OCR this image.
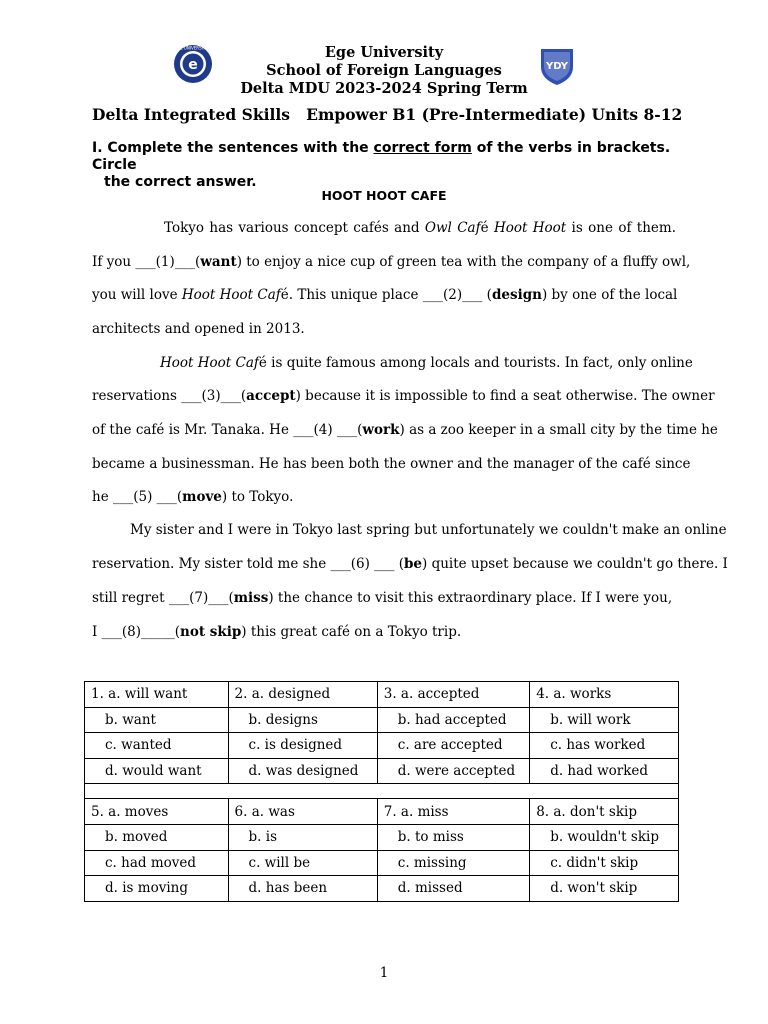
e
EGE ÜNIVERSITESI
YDY
Ege University
School of Foreign Languages
Delta MDU 2023-2024 Spring Term
Delta Integrated Skills   Empower B1 (Pre-Intermediate) Units 8-12
I. Complete the sentences with the correct form of the verbs in brackets. Circle
the correct answer.
HOOT HOOT CAFE
Tokyo has various concept cafés and Owl Café Hoot Hoot is one of them.
If you ___(1)___(want) to enjoy a nice cup of green tea with the company of a fluffy owl,
you will love Hoot Hoot Café. This unique place ___(2)___ (design) by one of the local
architects and opened in 2013.
Hoot Hoot Café is quite famous among locals and tourists. In fact, only online
reservations ___(3)___(accept) because it is impossible to find a seat otherwise. The owner
of the café is Mr. Tanaka. He ___(4) ___(work) as a zoo keeper in a small city by the time he
became a businessman. He has been both the owner and the manager of the café since
he ___(5) ___(move) to Tokyo.
My sister and I were in Tokyo last spring but unfortunately we couldn't make an online
reservation. My sister told me she ___(6) ___ (be) quite upset because we couldn't go there. I
still regret ___(7)___(miss) the chance to visit this extraordinary place. If I were you,
I ___(8)_____(not skip) this great café on a Tokyo trip.
1. a. will want	2. a. designed	3. a. accepted	4. a. works
b. want	b. designs	b. had accepted	b. will work
c. wanted	c. is designed	c. are accepted	c. has worked
d. would want	d. was designed	d. were accepted	d. had worked

5. a. moves	6. a. was	7. a. miss	8. a. don't skip
b. moved	b. is	b. to miss	b. wouldn't skip
c. had moved	c. will be	c. missing	c. didn't skip
d. is moving	d. has been	d. missed	d. won't skip
1
